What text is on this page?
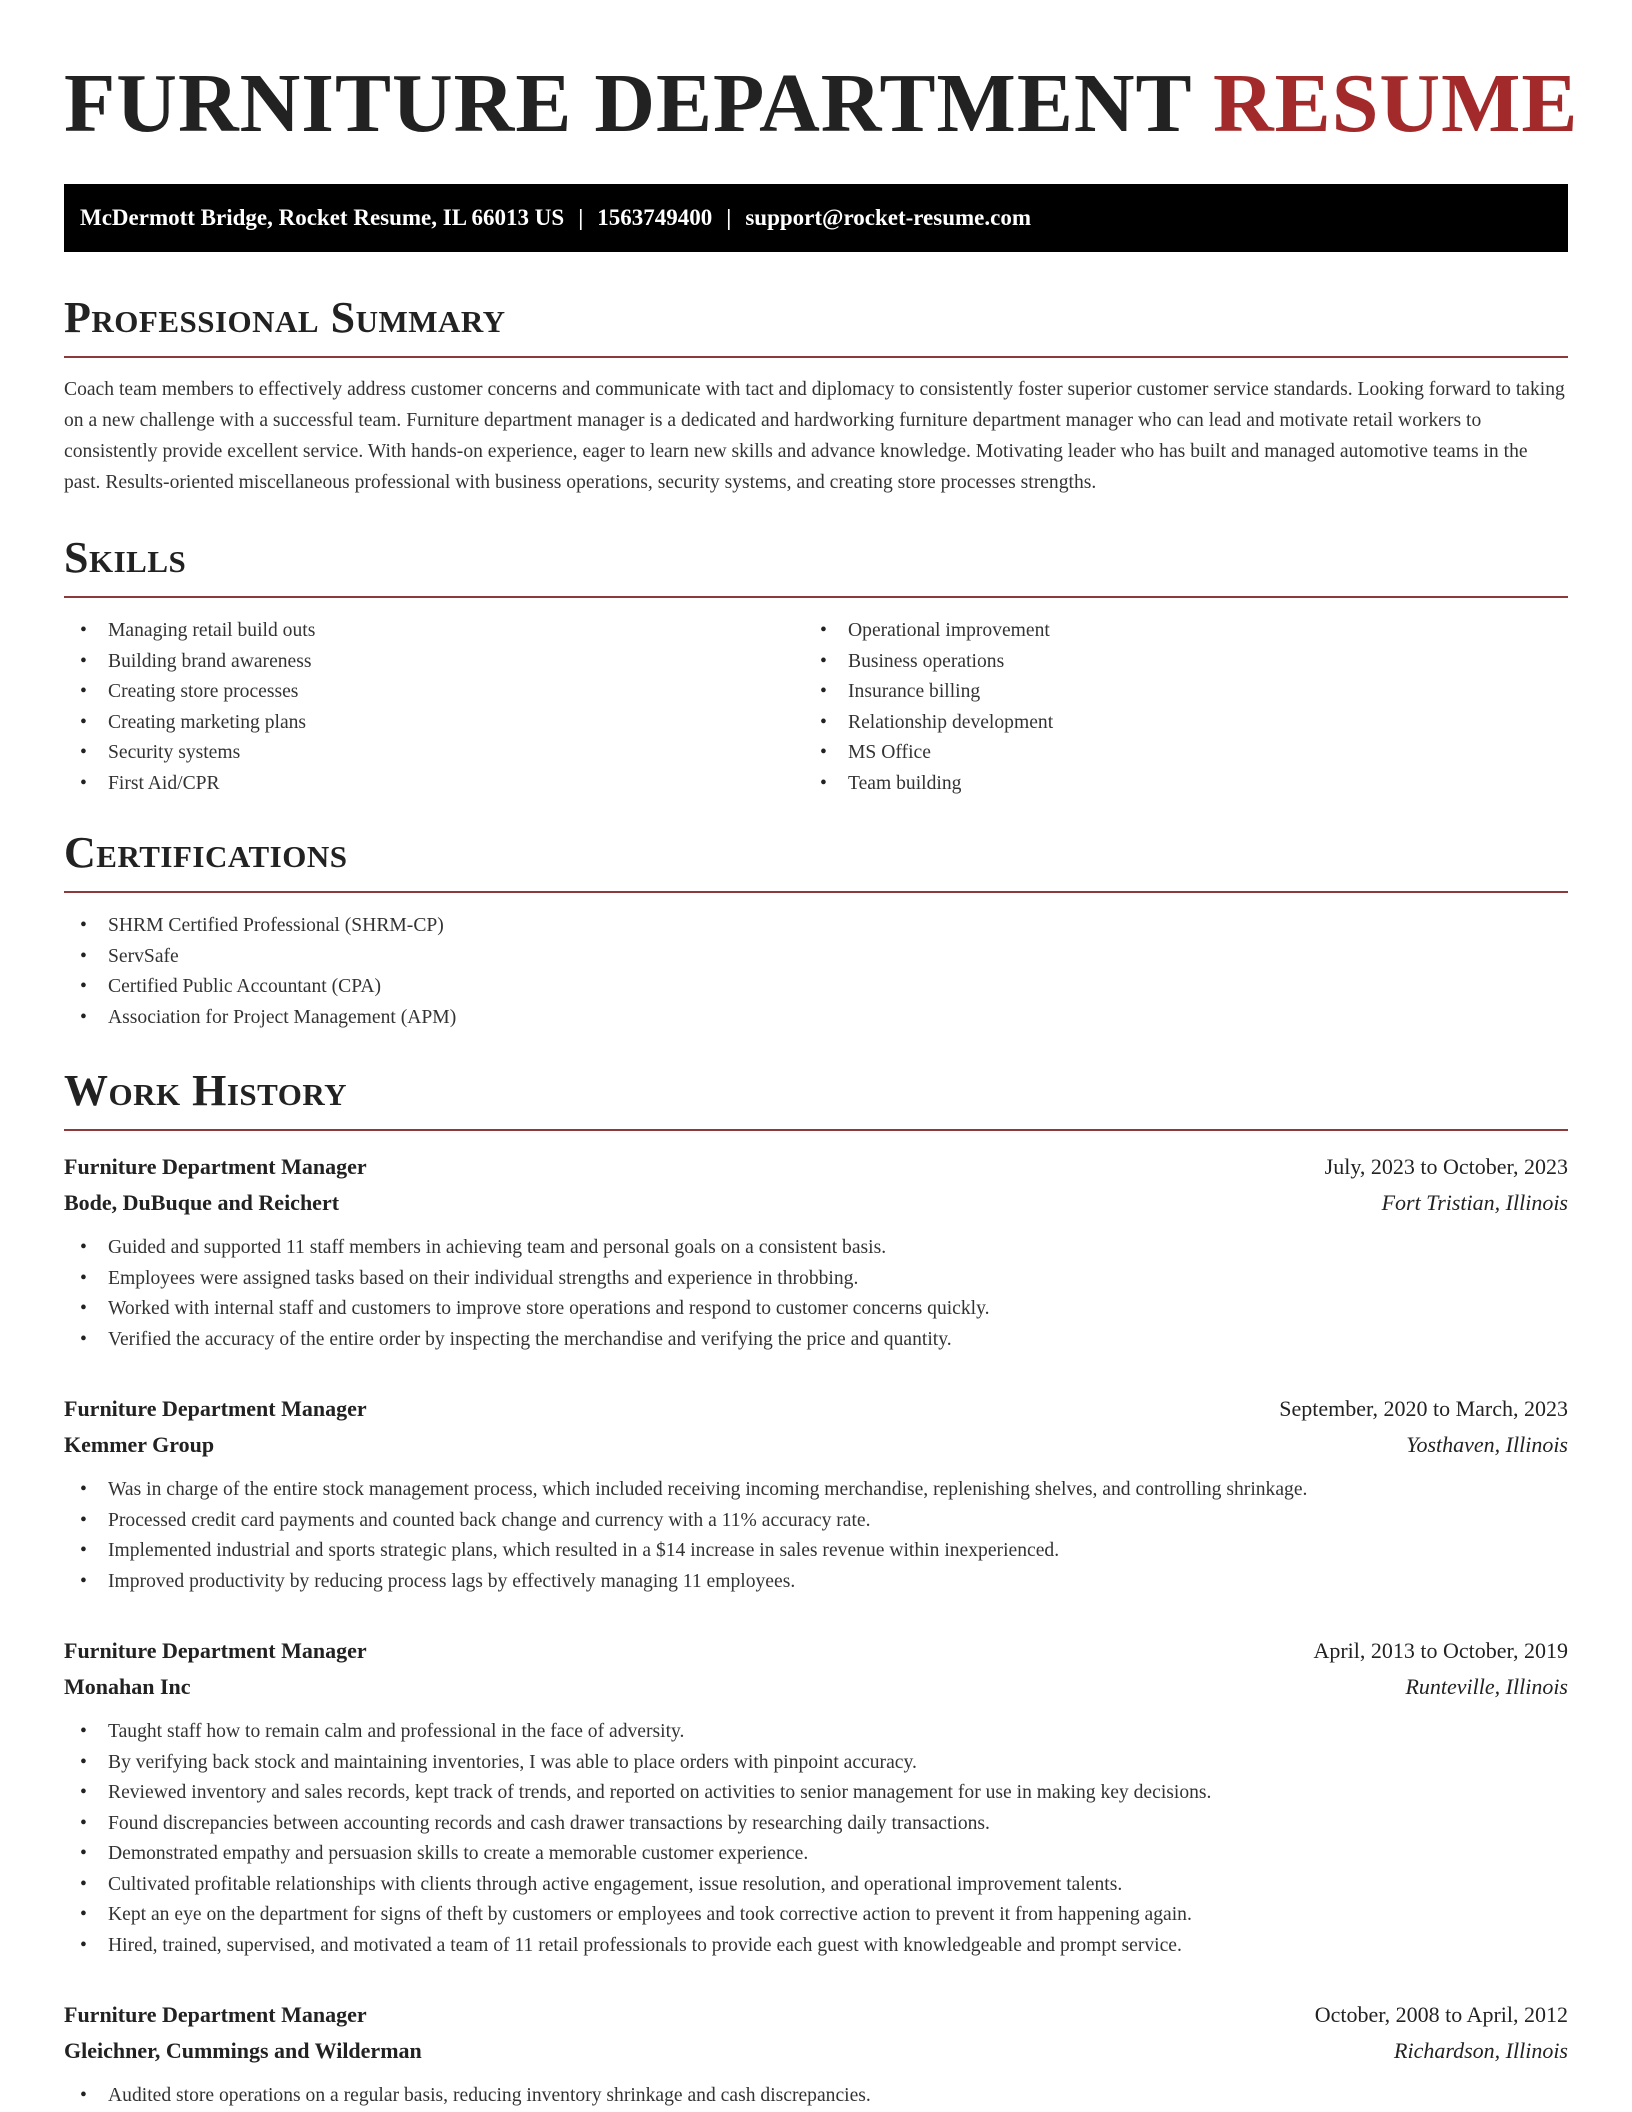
FURNITURE DEPARTMENT RESUME
McDermott Bridge, Rocket Resume, IL 66013 US | 1563749400 | support@rocket-resume.com
Professional Summary

Coach team members to effectively address customer concerns and communicate with tact and diplomacy to consistently foster superior customer service standards. Looking forward to taking on a new challenge with a successful team. Furniture department manager is a dedicated and hardworking furniture department manager who can lead and motivate retail workers to consistently provide excellent service. With hands-on experience, eager to learn new skills and advance knowledge. Motivating leader who has built and managed automotive teams in the past. Results-oriented miscellaneous professional with business operations, security systems, and creating store processes strengths.

Skills
• Managing retail build outs
• Building brand awareness
• Creating store processes
• Creating marketing plans
• Security systems
• First Aid/CPR
• Operational improvement
• Business operations
• Insurance billing
• Relationship development
• MS Office
• Team building
Certifications
• SHRM Certified Professional (SHRM-CP)
• ServSafe
• Certified Public Accountant (CPA)
• Association for Project Management (APM)
Work History
Furniture Department Manager	July, 2023 to October, 2023
Bode, DuBuque and Reichert	Fort Tristian, Illinois
• Guided and supported 11 staff members in achieving team and personal goals on a consistent basis.
• Employees were assigned tasks based on their individual strengths and experience in throbbing.
• Worked with internal staff and customers to improve store operations and respond to customer concerns quickly.
• Verified the accuracy of the entire order by inspecting the merchandise and verifying the price and quantity.
Furniture Department Manager	September, 2020 to March, 2023
Kemmer Group	Yosthaven, Illinois
• Was in charge of the entire stock management process, which included receiving incoming merchandise, replenishing shelves, and controlling shrinkage.
• Processed credit card payments and counted back change and currency with a 11% accuracy rate.
• Implemented industrial and sports strategic plans, which resulted in a $14 increase in sales revenue within inexperienced.
• Improved productivity by reducing process lags by effectively managing 11 employees.
Furniture Department Manager	April, 2013 to October, 2019
Monahan Inc	Runteville, Illinois
• Taught staff how to remain calm and professional in the face of adversity.
• By verifying back stock and maintaining inventories, I was able to place orders with pinpoint accuracy.
• Reviewed inventory and sales records, kept track of trends, and reported on activities to senior management for use in making key decisions.
• Found discrepancies between accounting records and cash drawer transactions by researching daily transactions.
• Demonstrated empathy and persuasion skills to create a memorable customer experience.
• Cultivated profitable relationships with clients through active engagement, issue resolution, and operational improvement talents.
• Kept an eye on the department for signs of theft by customers or employees and took corrective action to prevent it from happening again.
• Hired, trained, supervised, and motivated a team of 11 retail professionals to provide each guest with knowledgeable and prompt service.
Furniture Department Manager	October, 2008 to April, 2012
Gleichner, Cummings and Wilderman	Richardson, Illinois
• Audited store operations on a regular basis, reducing inventory shrinkage and cash discrepancies.
